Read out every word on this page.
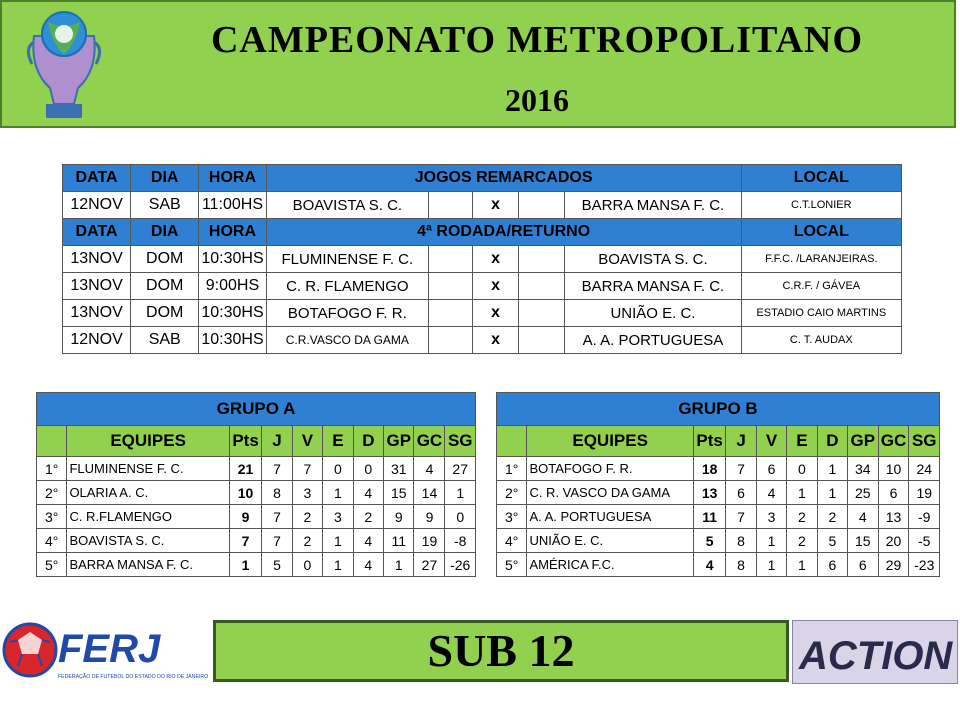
CAMPEONATO METROPOLITANO
2016
DATA	DIA	HORA	JOGOS REMARCADOS					LOCAL
12NOV	SAB	11:00HS	BOAVISTA S. C.		x		BARRA MANSA F. C.	C.T.LONIER
DATA	DIA	HORA	4ª RODADA/RETURNO					LOCAL
13NOV	DOM	10:30HS	FLUMINENSE F. C.		x		BOAVISTA S. C.	F.F.C. /LARANJEIRAS.
13NOV	DOM	9:00HS	C. R. FLAMENGO		x		BARRA MANSA F. C.	C.R.F. / GÁVEA
13NOV	DOM	10:30HS	BOTAFOGO F. R.		x		UNIÃO E. C.	ESTADIO CAIO MARTINS
12NOV	SAB	10:30HS	C.R.VASCO DA GAMA		x		A. A. PORTUGUESA	C. T. AUDAX
GRUPO A									
	EQUIPES	Pts	J	V	E	D	GP	GC	SG
1°	FLUMINENSE F. C.	21	7	7	0	0	31	4	27
2°	OLARIA A. C.	10	8	3	1	4	15	14	1
3°	C. R.FLAMENGO	9	7	2	3	2	9	9	0
4°	BOAVISTA S. C.	7	7	2	1	4	11	19	-8
5°	BARRA MANSA F. C.	1	5	0	1	4	1	27	-26
GRUPO B									
	EQUIPES	Pts	J	V	E	D	GP	GC	SG
1°	BOTAFOGO F. R.	18	7	6	0	1	34	10	24
2°	C. R. VASCO DA GAMA	13	6	4	1	1	25	6	19
3°	A. A. PORTUGUESA	11	7	3	2	2	4	13	-9
4°	UNIÃO E. C.	5	8	1	2	5	15	20	-5
5°	AMÉRICA F.C.	4	8	1	1	6	6	29	-23
FERJ
FEDERAÇÃO DE FUTEBOL DO ESTADO DO RIO DE JANEIRO
SUB 12	ACTION
